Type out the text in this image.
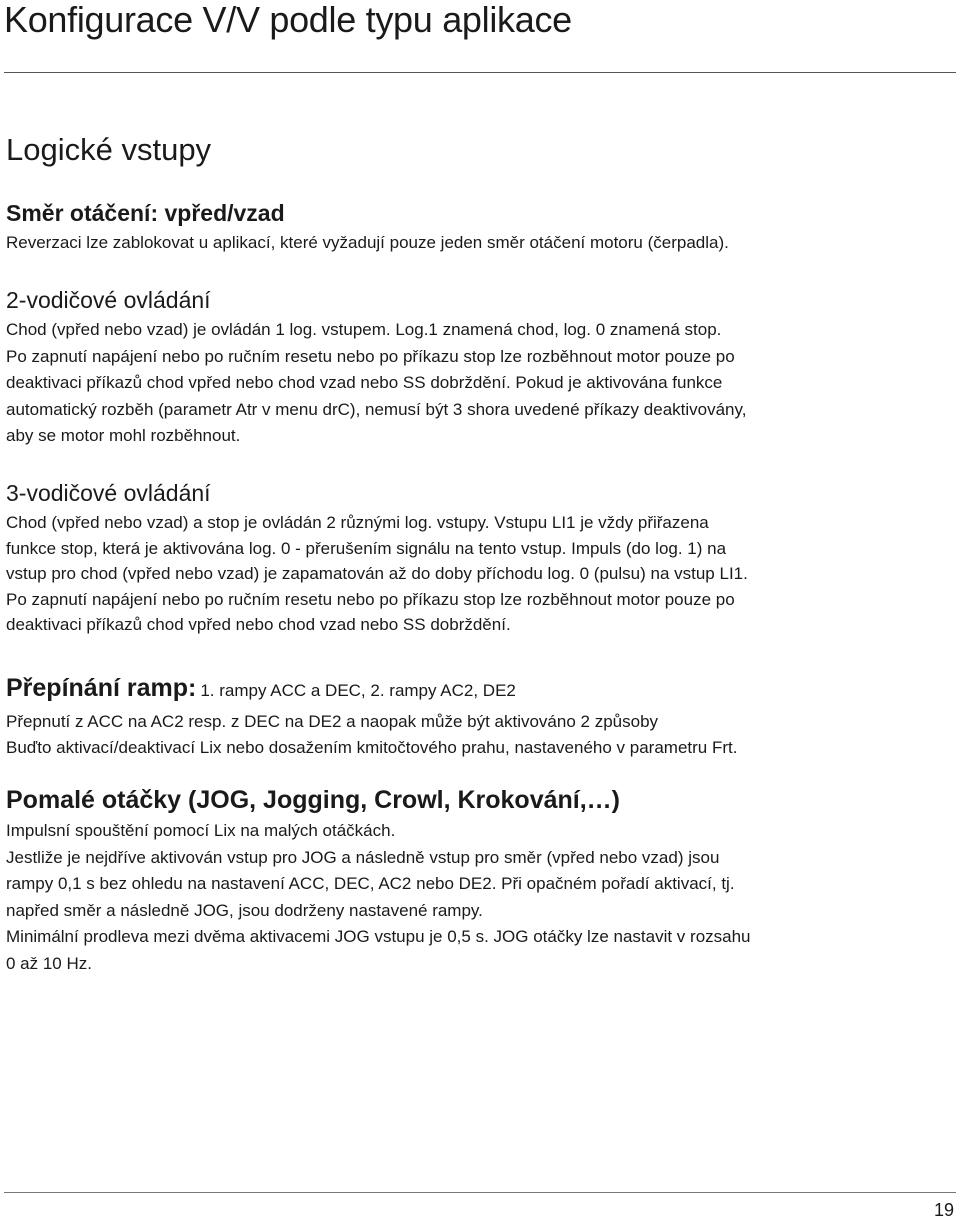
Konfigurace V/V podle typu aplikace
Logické vstupy
Směr otáčení: vpřed/vzad

Reverzaci lze zablokovat u aplikací, které vyžadují pouze jeden směr otáčení motoru (čerpadla).

2-vodičové ovládání

Chod (vpřed nebo vzad) je ovládán 1 log. vstupem. Log.1 znamená chod, log. 0 znamená stop.

Po zapnutí napájení nebo po ručním resetu nebo po příkazu stop lze rozběhnout motor pouze po

deaktivaci příkazů chod vpřed nebo chod vzad nebo SS dobrždění. Pokud je aktivována funkce

automatický rozběh (parametr Atr v menu drC), nemusí být 3 shora uvedené příkazy deaktivovány,

aby se motor mohl rozběhnout.

3-vodičové ovládání

Chod (vpřed nebo vzad) a stop je ovládán 2 různými log. vstupy. Vstupu LI1 je vždy přiřazena

funkce stop, která je aktivována log. 0 - přerušením signálu na tento vstup. Impuls (do log. 1) na

vstup pro chod (vpřed nebo vzad) je zapamatován až do doby příchodu log. 0 (pulsu) na vstup LI1.

Po zapnutí napájení nebo po ručním resetu nebo po příkazu stop lze rozběhnout motor pouze po

deaktivaci příkazů chod vpřed nebo chod vzad nebo SS dobrždění.

Přepínání ramp: 1. rampy ACC a DEC, 2. rampy AC2, DE2

Přepnutí z ACC na AC2 resp. z DEC na DE2 a naopak může být aktivováno 2 způsoby

Buďto aktivací/deaktivací Lix nebo dosažením kmitočtového prahu, nastaveného v parametru Frt.

Pomalé otáčky (JOG, Jogging, Crowl, Krokování,…)

Impulsní spouštění pomocí Lix na malých otáčkách.

Jestliže je nejdříve aktivován vstup pro JOG a následně vstup pro směr (vpřed nebo vzad) jsou

rampy 0,1 s bez ohledu na nastavení ACC, DEC, AC2 nebo DE2. Při opačném pořadí aktivací, tj.

napřed směr a následně JOG, jsou dodrženy nastavené rampy.

Minimální prodleva mezi dvěma aktivacemi JOG vstupu je 0,5 s. JOG otáčky lze nastavit v rozsahu

0 až 10 Hz.

19
